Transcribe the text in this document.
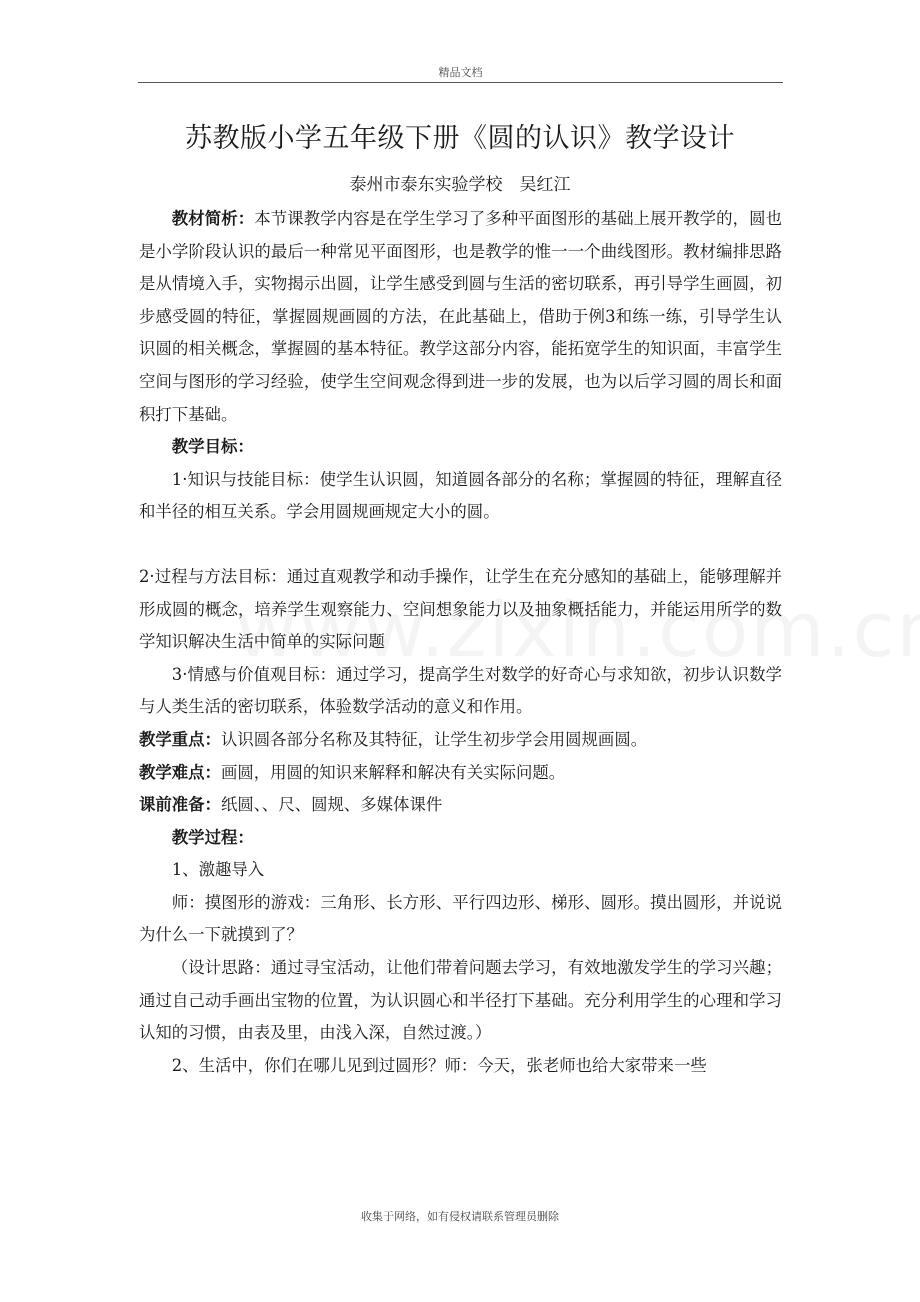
精品文档
苏教版小学五年级下册《圆的认识》教学设计
泰州市泰东实验学校　吴红江

教材简析：本节课教学内容是在学生学习了多种平面图形的基础上展开教学的，圆也是小学阶段认识的最后一种常见平面图形，也是教学的惟一一个曲线图形。教材编排思路是从情境入手，实物揭示出圆，让学生感受到圆与生活的密切联系，再引导学生画圆，初步感受圆的特征，掌握圆规画圆的方法，在此基础上，借助于例3和练一练，引导学生认识圆的相关概念，掌握圆的基本特征。教学这部分内容，能拓宽学生的知识面，丰富学生空间与图形的学习经验，使学生空间观念得到进一步的发展，也为以后学习圆的周长和面积打下基础。

教学目标：

1·知识与技能目标：使学生认识圆，知道圆各部分的名称；掌握圆的特征，理解直径和半径的相互关系。学会用圆规画规定大小的圆。

2·过程与方法目标：通过直观教学和动手操作，让学生在充分感知的基础上，能够理解并形成圆的概念，培养学生观察能力、空间想象能力以及抽象概括能力，并能运用所学的数学知识解决生活中简单的实际问题

3·情感与价值观目标：通过学习，提高学生对数学的好奇心与求知欲，初步认识数学与人类生活的密切联系，体验数学活动的意义和作用。

教学重点：认识圆各部分名称及其特征，让学生初步学会用圆规画圆。

教学难点：画圆，用圆的知识来解释和解决有关实际问题。

课前准备：纸圆、、尺、圆规、多媒体课件

教学过程：

1、激趣导入

师：摸图形的游戏：三角形、长方形、平行四边形、梯形、圆形。摸出圆形，并说说为什么一下就摸到了？

（设计思路：通过寻宝活动，让他们带着问题去学习，有效地激发学生的学习兴趣；通过自己动手画出宝物的位置，为认识圆心和半径打下基础。充分利用学生的心理和学习认知的习惯，由表及里，由浅入深，自然过渡。）

2、生活中，你们在哪儿见到过圆形？师：今天，张老师也给大家带来一些

收集于网络，如有侵权请联系管理员删除
